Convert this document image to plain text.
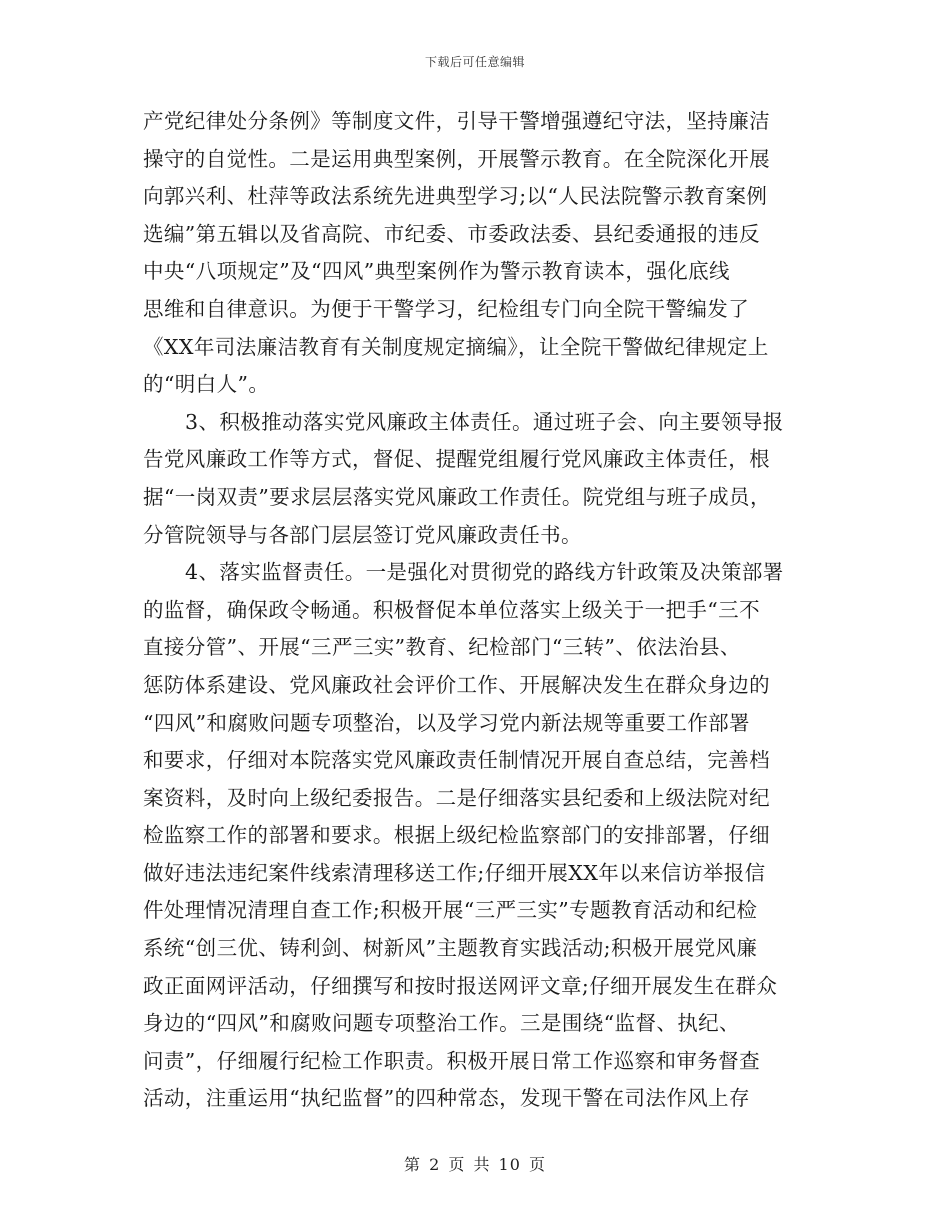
下载后可任意编辑
产党纪律处分条例》等制度文件，引导干警增强遵纪守法，坚持廉洁
操守的自觉性。二是运用典型案例，开展警示教育。在全院深化开展
向郭兴利、杜萍等政法系统先进典型学习;以“人民法院警示教育案例
选编”第五辑以及省高院、市纪委、市委政法委、县纪委通报的违反
中央“八项规定”及“四风”典型案例作为警示教育读本，强化底线
思维和自律意识。为便于干警学习，纪检组专门向全院干警编发了
《XX年司法廉洁教育有关制度规定摘编》，让全院干警做纪律规定上
的“明白人”。
3、积极推动落实党风廉政主体责任。通过班子会、向主要领导报
告党风廉政工作等方式，督促、提醒党组履行党风廉政主体责任，根
据“一岗双责”要求层层落实党风廉政工作责任。院党组与班子成员，
分管院领导与各部门层层签订党风廉政责任书。
4、落实监督责任。一是强化对贯彻党的路线方针政策及决策部署
的监督，确保政令畅通。积极督促本单位落实上级关于一把手“三不
直接分管”、开展“三严三实”教育、纪检部门“三转”、依法治县、
惩防体系建设、党风廉政社会评价工作、开展解决发生在群众身边的
“四风”和腐败问题专项整治，以及学习党内新法规等重要工作部署
和要求，仔细对本院落实党风廉政责任制情况开展自查总结，完善档
案资料，及时向上级纪委报告。二是仔细落实县纪委和上级法院对纪
检监察工作的部署和要求。根据上级纪检监察部门的安排部署，仔细
做好违法违纪案件线索清理移送工作;仔细开展XX年以来信访举报信
件处理情况清理自查工作;积极开展“三严三实”专题教育活动和纪检
系统“创三优、铸利剑、树新风”主题教育实践活动;积极开展党风廉
政正面网评活动，仔细撰写和按时报送网评文章;仔细开展发生在群众
身边的“四风”和腐败问题专项整治工作。三是围绕“监督、执纪、
问责”，仔细履行纪检工作职责。积极开展日常工作巡察和审务督查
活动，注重运用“执纪监督”的四种常态，发现干警在司法作风上存
第 2 页 共 10 页
